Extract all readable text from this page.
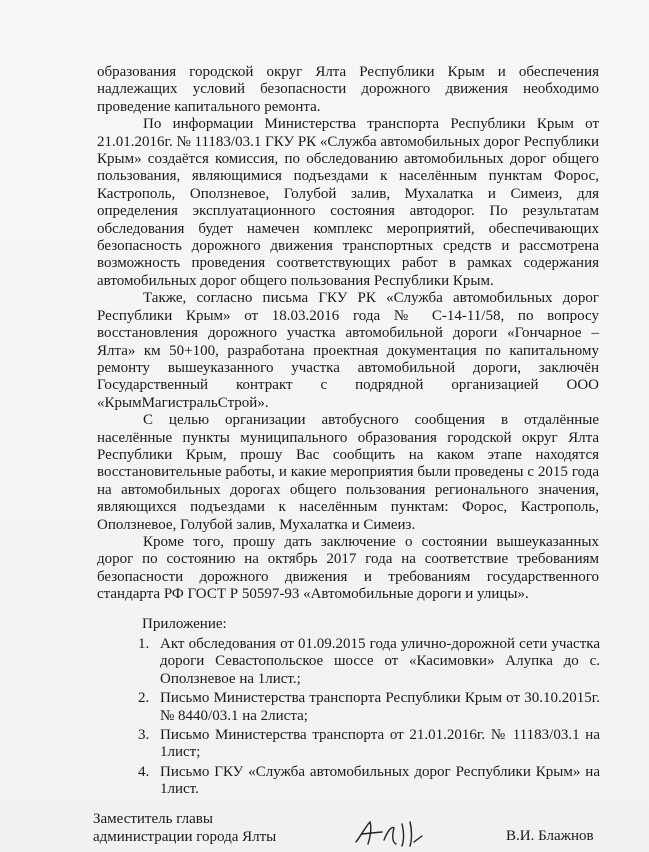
образования городской округ Ялта Республики Крым и обеспечения надлежащих условий безопасности дорожного движения необходимо проведение капитального ремонта.

По информации Министерства транспорта Республики Крым от 21.01.2016г. № 11183/03.1 ГКУ РК «Служба автомобильных дорог Республики Крым» создаётся комиссия, по обследованию автомобильных дорог общего пользования, являющимися подъездами к населённым пунктам Форос, Кастрополь, Оползневое, Голубой залив, Мухалатка и Симеиз, для определения эксплуатационного состояния автодорог. По результатам обследования будет намечен комплекс мероприятий, обеспечивающих безопасность дорожного движения транспортных средств и рассмотрена возможность проведения соответствующих работ в рамках содержания автомобильных дорог общего пользования Республики Крым.

Также, согласно письма ГКУ РК «Служба автомобильных дорог Республики Крым» от 18.03.2016 года № С-14-11/58, по вопросу восстановления дорожного участка автомобильной дороги «Гончарное – Ялта» км 50+100, разработана проектная документация по капитальному ремонту вышеуказанного участка автомобильной дороги, заключён Государственный контракт с подрядной организацией ООО «КрымМагистральСтрой».

С целью организации автобусного сообщения в отдалённые населённые пункты муниципального образования городской округ Ялта Республики Крым, прошу Вас сообщить на каком этапе находятся восстановительные работы, и какие мероприятия были проведены с 2015 года на автомобильных дорогах общего пользования регионального значения, являющихся подъездами к населённым пунктам: Форос, Кастрополь, Оползневое, Голубой залив, Мухалатка и Симеиз.

Кроме того, прошу дать заключение о состоянии вышеуказанных дорог по состоянию на октябрь 2017 года на соответствие требованиям безопасности дорожного движения и требованиям государственного стандарта РФ ГОСТ Р 50597-93 «Автомобильные дороги и улицы».

Приложение:
1. Акт обследования от 01.09.2015 года улично-дорожной сети участка дороги Севастопольское шоссе от «Касимовки» Алупка до с. Оползневое на 1лист.;
2. Письмо Министерства транспорта Республики Крым от 30.10.2015г. № 8440/03.1 на 2листа;
3. Письмо Министерства транспорта от 21.01.2016г. № 11183/03.1 на 1лист;
4. Письмо ГКУ «Служба автомобильных дорог Республики Крым» на 1лист.
Заместитель главы
администрации города Ялты	В.И. Блажнов
